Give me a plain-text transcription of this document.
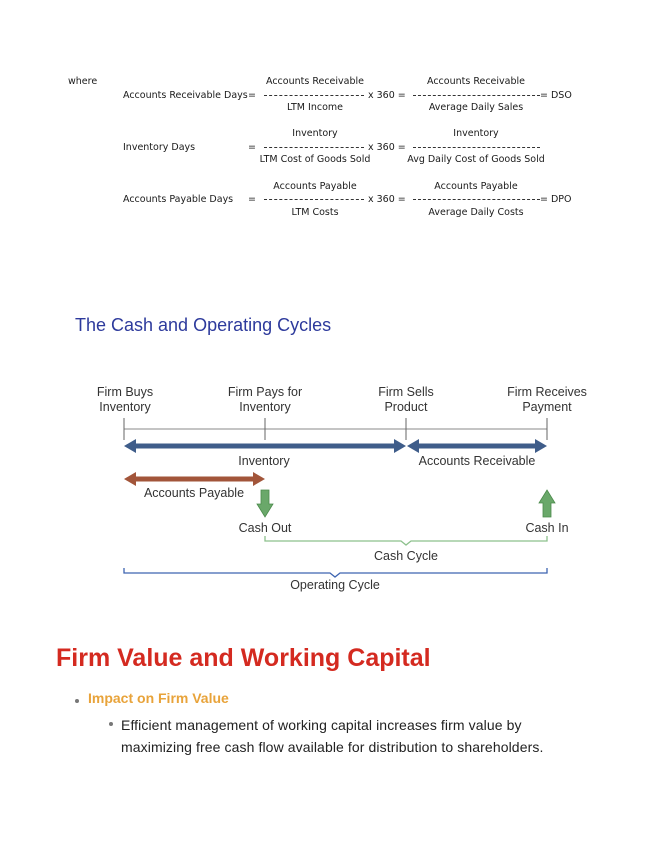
where
Accounts Receivable Days =
Accounts Receivable
LTM Income
x 360 =
Accounts Receivable
Average Daily Sales
= DSO
Inventory Days	=
Inventory
LTM Cost of Goods Sold
x 360 =
Inventory
Avg Daily Cost of Goods Sold
Accounts Payable Days =
Accounts Payable
LTM Costs
x 360 =
Accounts Payable
Average Daily Costs
= DPO
The Cash and Operating Cycles
Firm Buys
Inventory
Firm Pays for
Inventory
Firm Sells
Product
Firm Receives
Payment
Inventory	Accounts Receivable
Accounts Payable
Cash Out	Cash In
Cash Cycle
Operating Cycle
Firm Value and Working Capital
Impact on Firm Value
Efficient management of working capital increases firm value by maximizing free cash flow available for distribution to shareholders.
